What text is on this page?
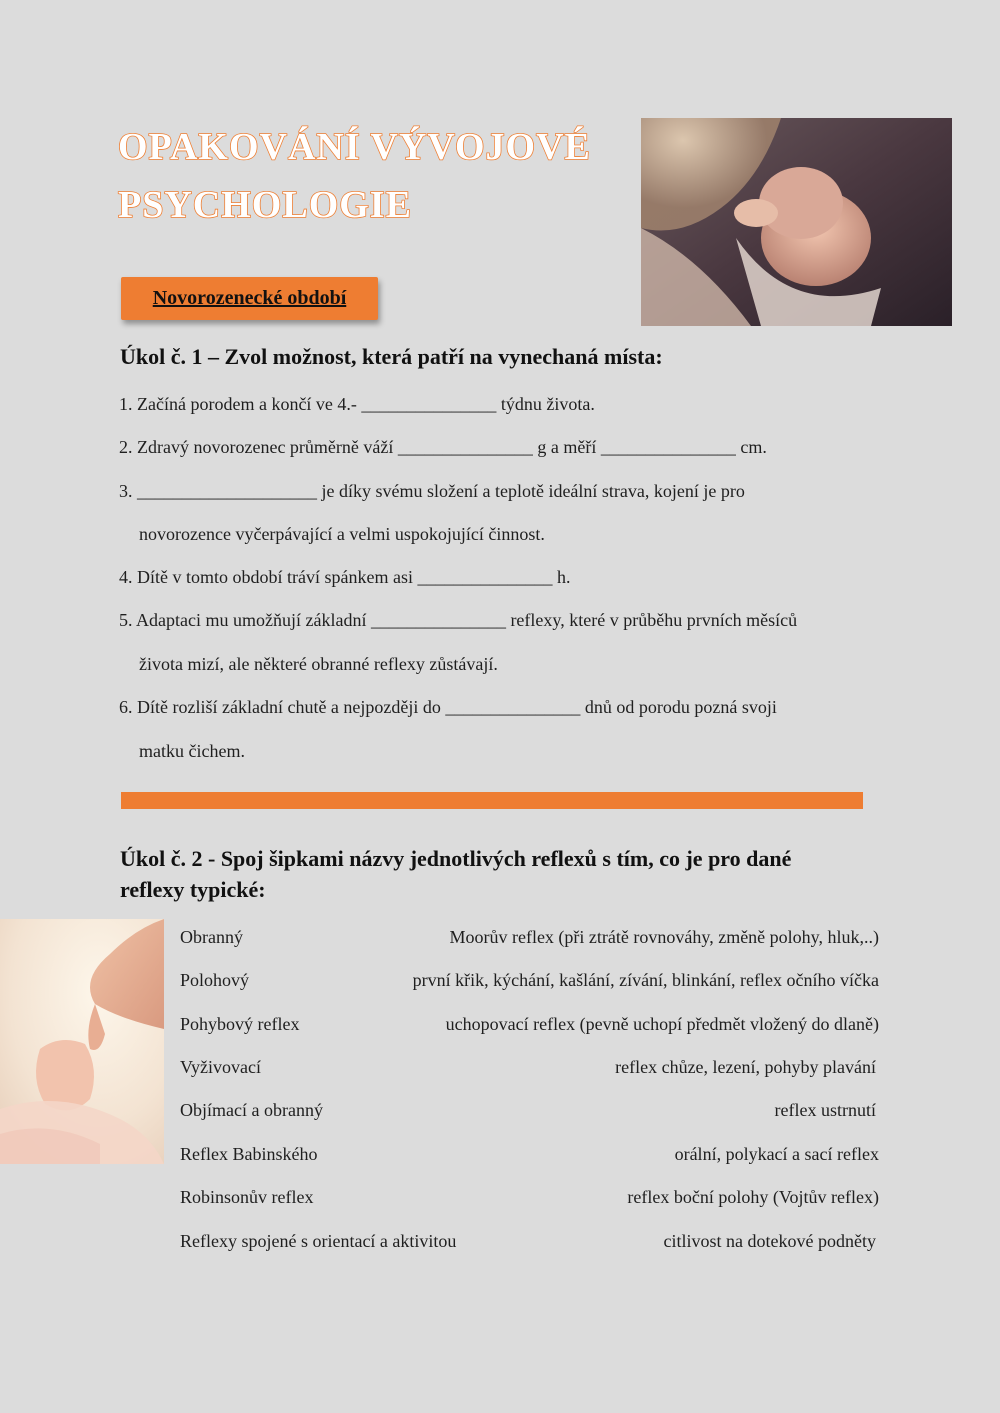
OPAKOVÁNÍ VÝVOJOVÉ
PSYCHOLOGIE
Novorozenecké období
Úkol č. 1 – Zvol možnost, která patří na vynechaná místa:
1. Začíná porodem a končí ve 4.- _______________ týdnu života.
2. Zdravý novorozenec průměrně váží _______________ g a měří _______________ cm.
3. ____________________ je díky svému složení a teplotě ideální strava, kojení je pro
novorozence vyčerpávající a velmi uspokojující činnost.
4. Dítě v tomto období tráví spánkem asi _______________ h.
5. Adaptaci mu umožňují základní _______________ reflexy, které v průběhu prvních měsíců
života mizí, ale některé obranné reflexy zůstávají.
6. Dítě rozliší základní chutě a nejpozději do _______________ dnů od porodu pozná svoji
matku čichem.
Úkol č. 2 - Spoj šipkami názvy jednotlivých reflexů s tím, co je pro dané
reflexy typické:
Obranný
Polohový
Pohybový reflex
Vyživovací
Objímací a obranný
Reflex Babinského
Robinsonův reflex
Reflexy spojené s orientací a aktivitou
Moorův reflex (při ztrátě rovnováhy, změně polohy, hluk,..)
první křik, kýchání, kašlání, zívání, blinkání, reflex očního víčka
uchopovací reflex (pevně uchopí předmět vložený do dlaně)
reflex chůze, lezení, pohyby plavání
reflex ustrnutí
orální, polykací a sací reflex
reflex boční polohy (Vojtův reflex)
citlivost na dotekové podněty
